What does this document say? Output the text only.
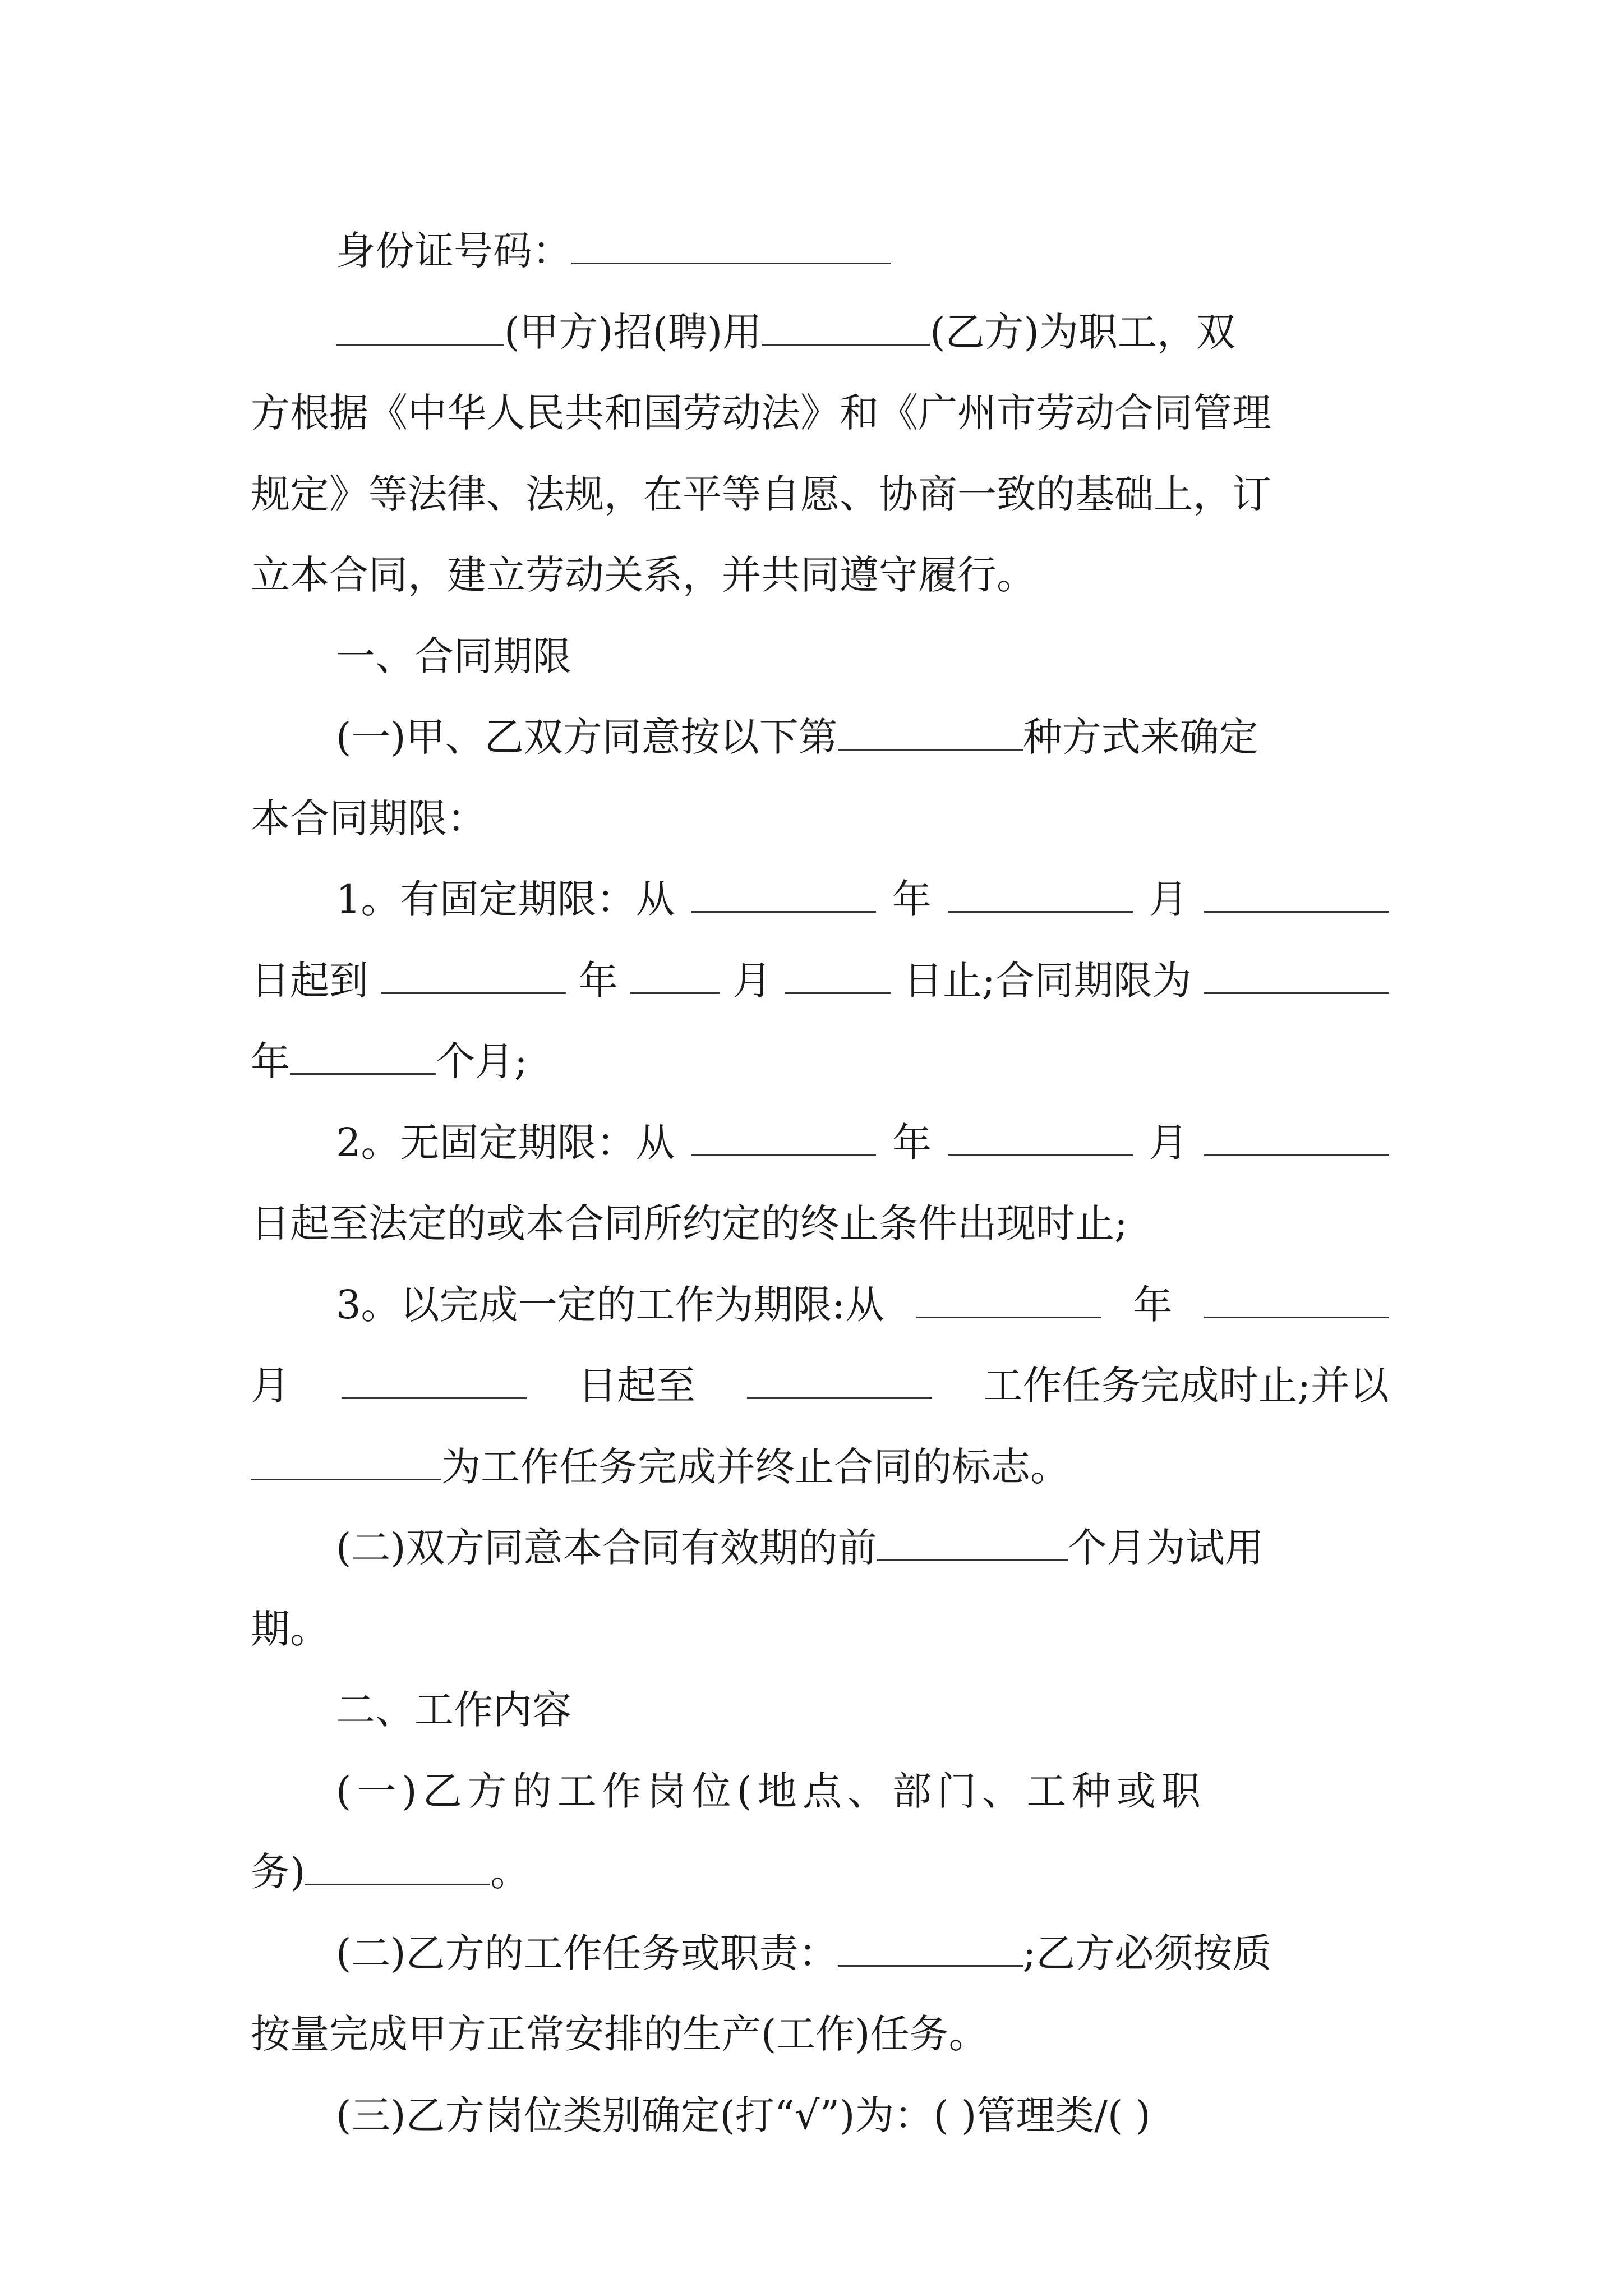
身份证号码：
(甲方)招(聘)用	(乙方)为职工，双
方根据《中华人民共和国劳动法》和《广州市劳动合同管理
规定》等法律、法规，在平等自愿、协商一致的基础上，订
立本合同，建立劳动关系，并共同遵守履行。
一、合同期限
(一)甲、乙双方同意按以下第	种方式来确定
本合同期限：
1。有固定期限：从	年	月
日起到	年	月	日止;合同期限为
年	个月;
2。无固定期限：从	年	月
日起至法定的或本合同所约定的终止条件出现时止;
3。以完成一定的工作为期限:从	年
月	日起至	工作任务完成时止;并以
为工作任务完成并终止合同的标志。
(二)双方同意本合同有效期的前	个月为试用
期。
二、工作内容
(一)乙方的工作岗位(地点、部门、工种或职
务)	。
(二)乙方的工作任务或职责：	;乙方必须按质
按量完成甲方正常安排的生产(工作)任务。
(三)乙方岗位类别确定(打“√”)为：( )管理类/( )
